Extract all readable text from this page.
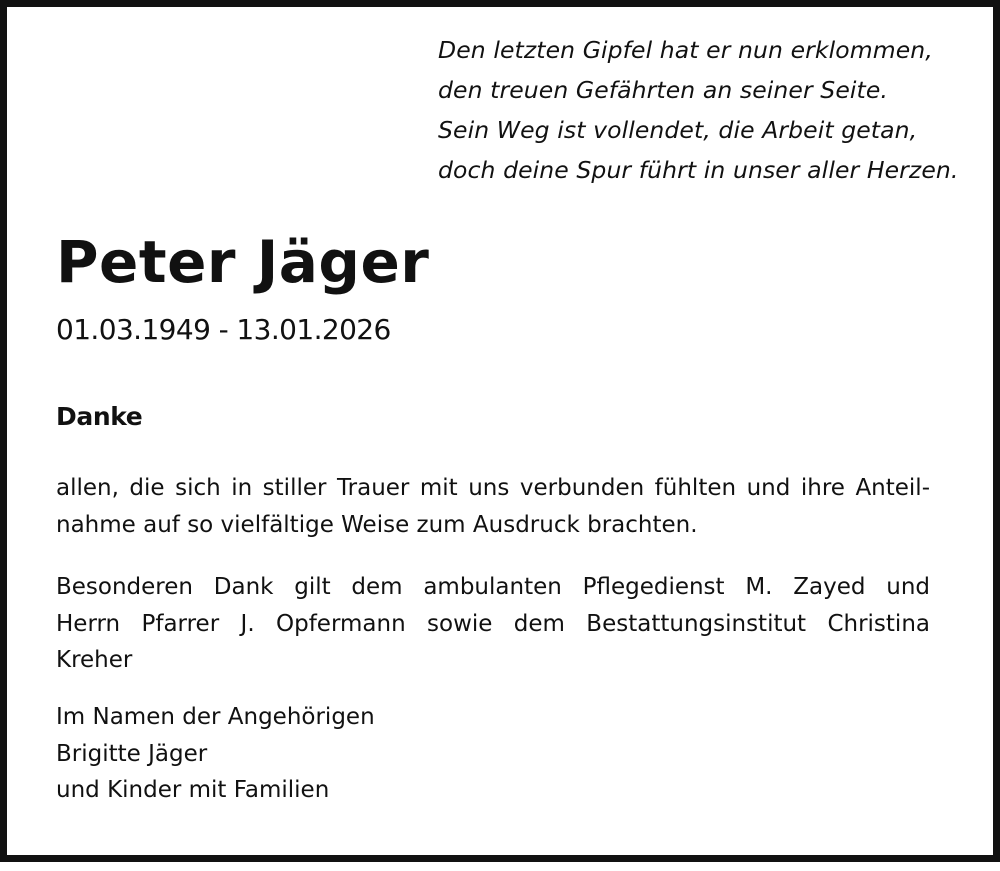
Den letzten Gipfel hat er nun erklommen,
den treuen Gefährten an seiner Seite.
Sein Weg ist vollendet, die Arbeit getan,
doch deine Spur führt in unser aller Herzen.
Peter Jäger
01.03.1949 - 13.01.2026
Danke
allen, die sich in stiller Trauer mit uns verbunden fühlten und ihre Anteil-
nahme auf so vielfältige Weise zum Ausdruck brachten.
Besonderen Dank gilt dem ambulanten Pflegedienst M. Zayed und
Herrn Pfarrer J. Opfermann sowie dem Bestattungsinstitut Christina
Kreher
Im Namen der Angehörigen
Brigitte Jäger
und Kinder mit Familien
